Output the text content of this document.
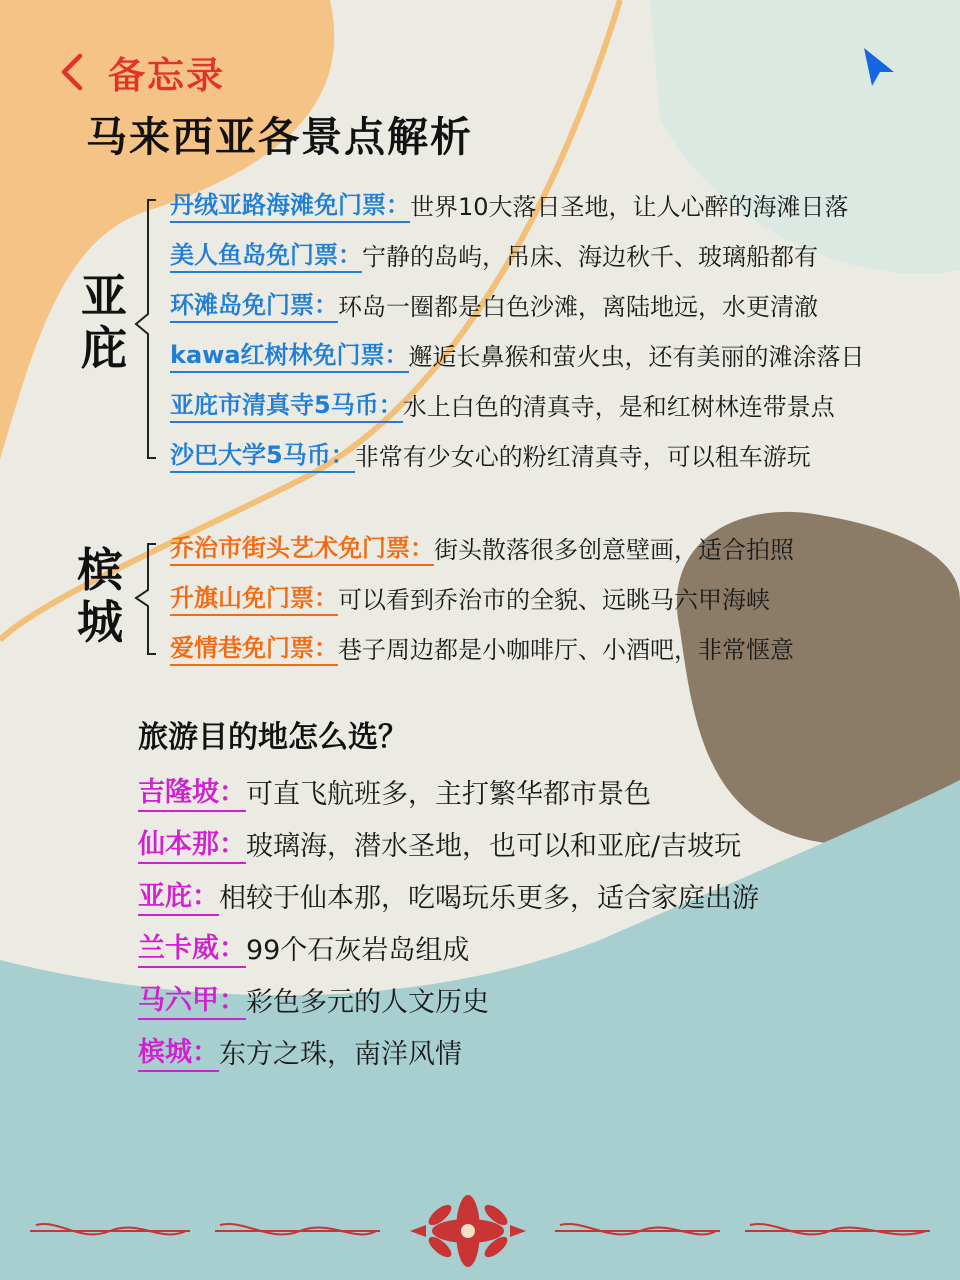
备忘录
马来西亚各景点解析
亚庇
丹绒亚路海滩免门票： 世界10大落日圣地，让人心醉的海滩日落
美人鱼岛免门票： 宁静的岛屿，吊床、海边秋千、玻璃船都有
环滩岛免门票： 环岛一圈都是白色沙滩，离陆地远，水更清澈
kawa红树林免门票： 邂逅长鼻猴和萤火虫，还有美丽的滩涂落日
亚庇市清真寺5马币： 水上白色的清真寺，是和红树林连带景点
沙巴大学5马币： 非常有少女心的粉红清真寺，可以租车游玩
槟城
乔治市街头艺术免门票： 街头散落很多创意壁画，适合拍照
升旗山免门票： 可以看到乔治市的全貌、远眺马六甲海峡
爱情巷免门票： 巷子周边都是小咖啡厅、小酒吧，非常惬意
旅游目的地怎么选？
吉隆坡： 可直飞航班多，主打繁华都市景色
仙本那： 玻璃海，潜水圣地，也可以和亚庇/吉坡玩
亚庇： 相较于仙本那，吃喝玩乐更多，适合家庭出游
兰卡威： 99个石灰岩岛组成
马六甲： 彩色多元的人文历史
槟城： 东方之珠，南洋风情
